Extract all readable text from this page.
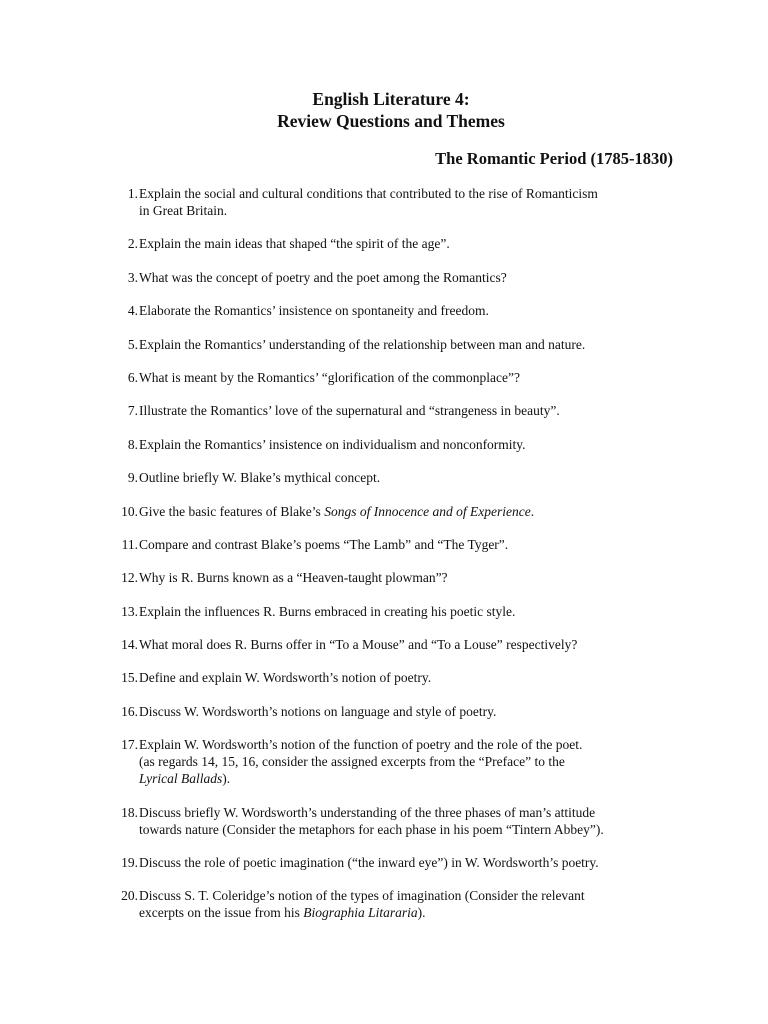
English Literature 4:
Review Questions and Themes
The Romantic Period (1785-1830)
1. Explain the social and cultural conditions that contributed to the rise of Romanticism
in Great Britain.
2. Explain the main ideas that shaped “the spirit of the age”.
3. What was the concept of poetry and the poet among the Romantics?
4. Elaborate the Romantics’ insistence on spontaneity and freedom.
5. Explain the Romantics’ understanding of the relationship between man and nature.
6. What is meant by the Romantics’ “glorification of the commonplace”?
7. Illustrate the Romantics’ love of the supernatural and “strangeness in beauty”.
8. Explain the Romantics’ insistence on individualism and nonconformity.
9. Outline briefly W. Blake’s mythical concept.
10. Give the basic features of Blake’s Songs of Innocence and of Experience.
11. Compare and contrast Blake’s poems “The Lamb” and “The Tyger”.
12. Why is R. Burns known as a “Heaven-taught plowman”?
13. Explain the influences R. Burns embraced in creating his poetic style.
14. What moral does R. Burns offer in “To a Mouse” and “To a Louse” respectively?
15. Define and explain W. Wordsworth’s notion of poetry.
16. Discuss W. Wordsworth’s notions on language and style of poetry.
17. Explain W. Wordsworth’s notion of the function of poetry and the role of the poet.
(as regards 14, 15, 16, consider the assigned excerpts from the “Preface” to the
Lyrical Ballads).
18. Discuss briefly W. Wordsworth’s understanding of the three phases of man’s attitude
towards nature (Consider the metaphors for each phase in his poem “Tintern Abbey”).
19. Discuss the role of poetic imagination (“the inward eye”) in W. Wordsworth’s poetry.
20. Discuss S. T. Coleridge’s notion of the types of imagination (Consider the relevant
excerpts on the issue from his Biographia Litararia).
